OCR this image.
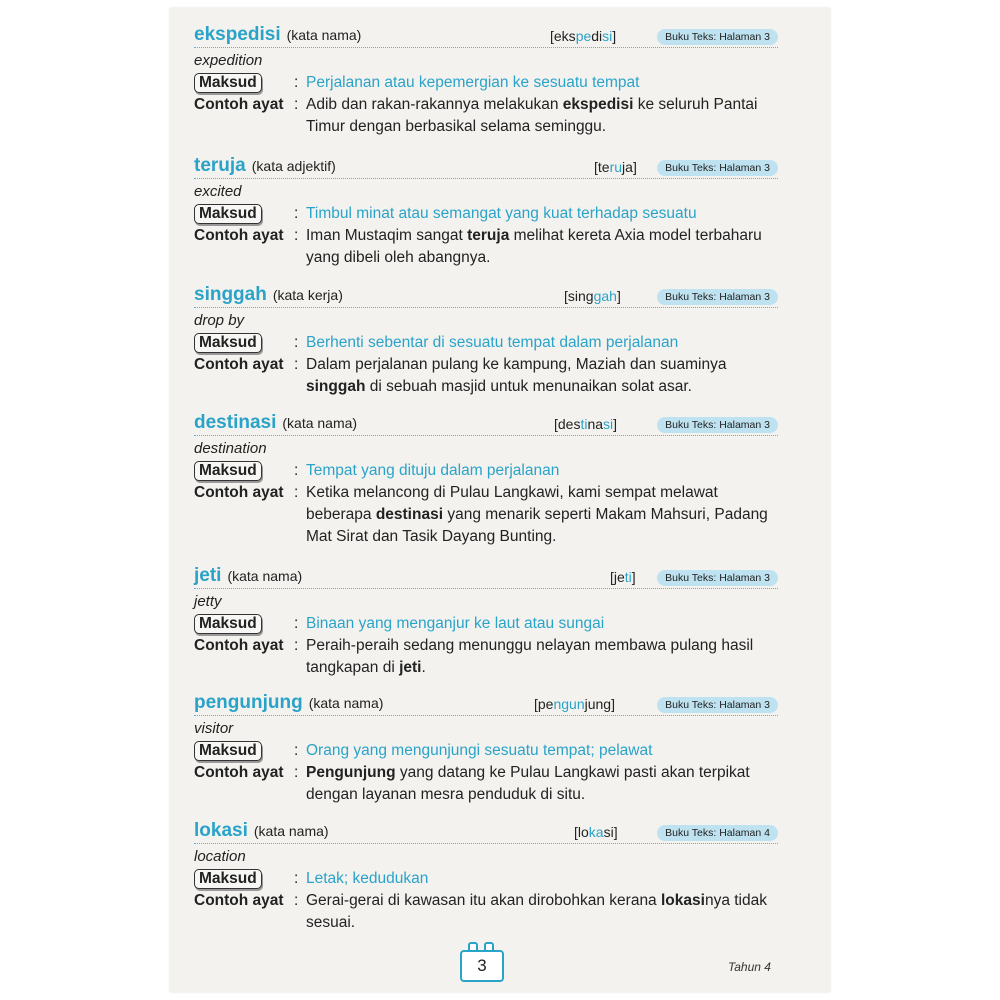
ekspedisi (kata nama)	[ekspedisi]	Buku Teks: Halaman 3
expedition
Maksud	: Perjalanan atau kepemergian ke sesuatu tempat
Contoh ayat : Adib dan rakan-rakannya melakukan ekspedisi ke seluruh Pantai Timur dengan berbasikal selama seminggu.
teruja (kata adjektif)	[teruja]	Buku Teks: Halaman 3
excited
Maksud	: Timbul minat atau semangat yang kuat terhadap sesuatu
Contoh ayat : Iman Mustaqim sangat teruja melihat kereta Axia model terbaharu yang dibeli oleh abangnya.
singgah (kata kerja)	[singgah]	Buku Teks: Halaman 3
drop by
Maksud	: Berhenti sebentar di sesuatu tempat dalam perjalanan
Contoh ayat : Dalam perjalanan pulang ke kampung, Maziah dan suaminya singgah di sebuah masjid untuk menunaikan solat asar.
destinasi (kata nama)	[destinasi]	Buku Teks: Halaman 3
destination
Maksud	: Tempat yang dituju dalam perjalanan
Contoh ayat : Ketika melancong di Pulau Langkawi, kami sempat melawat beberapa destinasi yang menarik seperti Makam Mahsuri, Padang Mat Sirat dan Tasik Dayang Bunting.
jeti (kata nama)	[jeti]	Buku Teks: Halaman 3
jetty
Maksud	: Binaan yang menganjur ke laut atau sungai
Contoh ayat : Peraih-peraih sedang menunggu nelayan membawa pulang hasil tangkapan di jeti.
pengunjung (kata nama)	[pengunjung]	Buku Teks: Halaman 3
visitor
Maksud	: Orang yang mengunjungi sesuatu tempat; pelawat
Contoh ayat : Pengunjung yang datang ke Pulau Langkawi pasti akan terpikat dengan layanan mesra penduduk di situ.
lokasi (kata nama)	[lokasi]	Buku Teks: Halaman 4
location
Maksud	: Letak; kedudukan
Contoh ayat : Gerai-gerai di kawasan itu akan dirobohkan kerana lokasinya tidak sesuai.
3	Tahun 4
